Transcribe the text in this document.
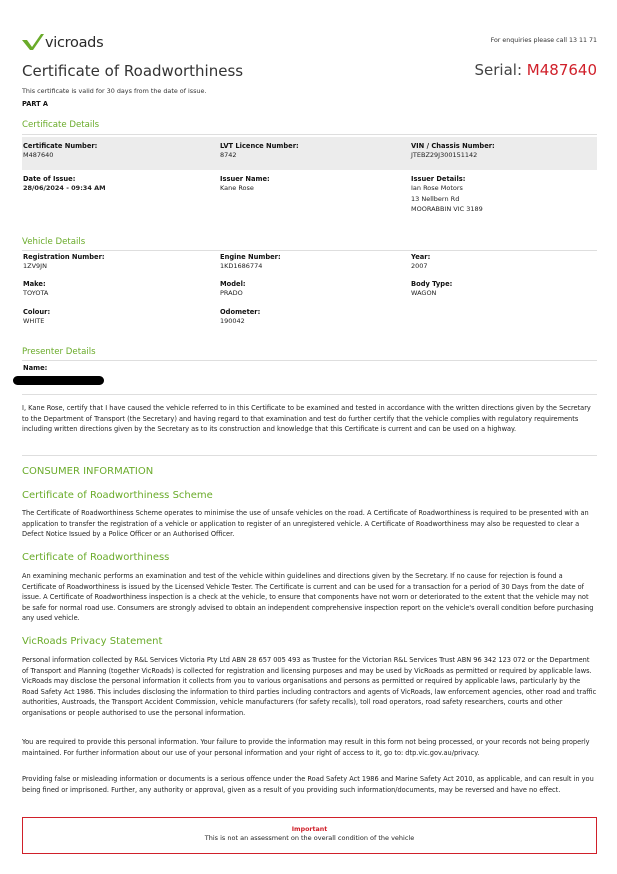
vicroads	For enquiries please call 13 11 71
Certificate of Roadworthiness	Serial: M487640
This certificate is valid for 30 days from the date of issue.
PART A
Certificate Details
Certificate Number:
M487640
LVT Licence Number:
8742
VIN / Chassis Number:
JTEBZ29J300151142
Date of Issue:
28/06/2024 - 09:34 AM
Issuer Name:
Kane Rose
Issuer Details:
Ian Rose Motors
13 Nellbern Rd
MOORABBIN VIC 3189
Vehicle Details
Registration Number:
1ZV9JN
Engine Number:
1KD1686774
Year:
2007
Make:
TOYOTA
Model:
PRADO
Body Type:
WAGON
Colour:
WHITE
Odometer:
190042
Presenter Details
Name:
I, Kane Rose, certify that I have caused the vehicle referred to in this Certificate to be examined and tested in accordance with the written directions given by the Secretary to the Department of Transport (the Secretary) and having regard to that examination and test do further certify that the vehicle complies with regulatory requirements including written directions given by the Secretary as to its construction and knowledge that this Certificate is current and can be used on a highway.
CONSUMER INFORMATION
Certificate of Roadworthiness Scheme
The Certificate of Roadworthiness Scheme operates to minimise the use of unsafe vehicles on the road. A Certificate of Roadworthiness is required to be presented with an application to transfer the registration of a vehicle or application to register of an unregistered vehicle. A Certificate of Roadworthiness may also be requested to clear a Defect Notice Issued by a Police Officer or an Authorised Officer.
Certificate of Roadworthiness
An examining mechanic performs an examination and test of the vehicle within guidelines and directions given by the Secretary. If no cause for rejection is found a Certificate of Roadworthiness is issued by the Licensed Vehicle Tester. The Certificate is current and can be used for a transaction for a period of 30 Days from the date of issue. A Certificate of Roadworthiness inspection is a check at the vehicle, to ensure that components have not worn or deteriorated to the extent that the vehicle may not be safe for normal road use. Consumers are strongly advised to obtain an independent comprehensive inspection report on the vehicle's overall condition before purchasing any used vehicle.
VicRoads Privacy Statement
Personal information collected by R&L Services Victoria Pty Ltd ABN 28 657 005 493 as Trustee for the Victorian R&L Services Trust ABN 96 342 123 072 or the Department of Transport and Planning (together VicRoads) is collected for registration and licensing purposes and may be used by VicRoads as permitted or required by applicable laws. VicRoads may disclose the personal information it collects from you to various organisations and persons as permitted or required by applicable laws, particularly by the Road Safety Act 1986. This includes disclosing the information to third parties including contractors and agents of VicRoads, law enforcement agencies, other road and traffic authorities, Austroads, the Transport Accident Commission, vehicle manufacturers (for safety recalls), toll road operators, road safety researchers, courts and other organisations or people authorised to use the personal information.
You are required to provide this personal information. Your failure to provide the information may result in this form not being processed, or your records not being properly maintained. For further information about our use of your personal information and your right of access to it, go to: dtp.vic.gov.au/privacy.
Providing false or misleading information or documents is a serious offence under the Road Safety Act 1986 and Marine Safety Act 2010, as applicable, and can result in you being fined or imprisoned. Further, any authority or approval, given as a result of you providing such information/documents, may be reversed and have no effect.
Important
This is not an assessment on the overall condition of the vehicle
